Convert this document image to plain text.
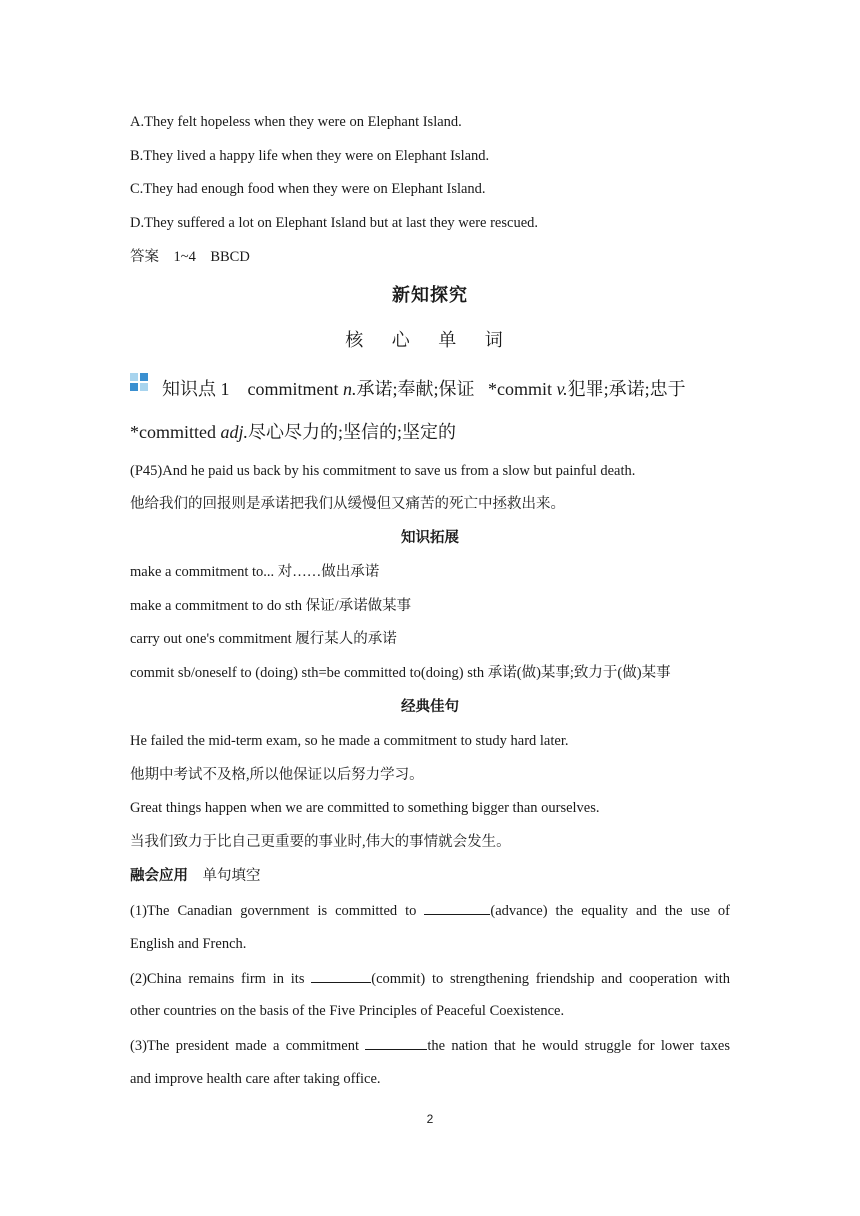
A.They felt hopeless when they were on Elephant Island.
B.They lived a happy life when they were on Elephant Island.
C.They had enough food when they were on Elephant Island.
D.They suffered a lot on Elephant Island but at last they were rescued.
答案　1~4　BBCD
新知探究
核 心 单 词
知识点 1 commitment n.承诺;奉献;保证 *commit v.犯罪;承诺;忠于
*committed adj.尽心尽力的;坚信的;坚定的
(P45)And he paid us back by his commitment to save us from a slow but painful death.
他给我们的回报则是承诺把我们从缓慢但又痛苦的死亡中拯救出来。
知识拓展
make a commitment to... 对……做出承诺
make a commitment to do sth 保证/承诺做某事
carry out one's commitment 履行某人的承诺
commit sb/oneself to (doing) sth=be committed to(doing) sth 承诺(做)某事;致力于(做)某事
经典佳句
He failed the mid-term exam, so he made a commitment to study hard later.
他期中考试不及格,所以他保证以后努力学习。
Great things happen when we are committed to something bigger than ourselves.
当我们致力于比自己更重要的事业时,伟大的事情就会发生。
融会应用 单句填空
(1)The Canadian government is committed to	(advance) the equality and the use of
English and French.
(2)China remains firm in its	(commit) to strengthening friendship and cooperation with
other countries on the basis of the Five Principles of Peaceful Coexistence.
(3)The president made a commitment	the nation that he would struggle for lower taxes
and improve health care after taking office.
2
